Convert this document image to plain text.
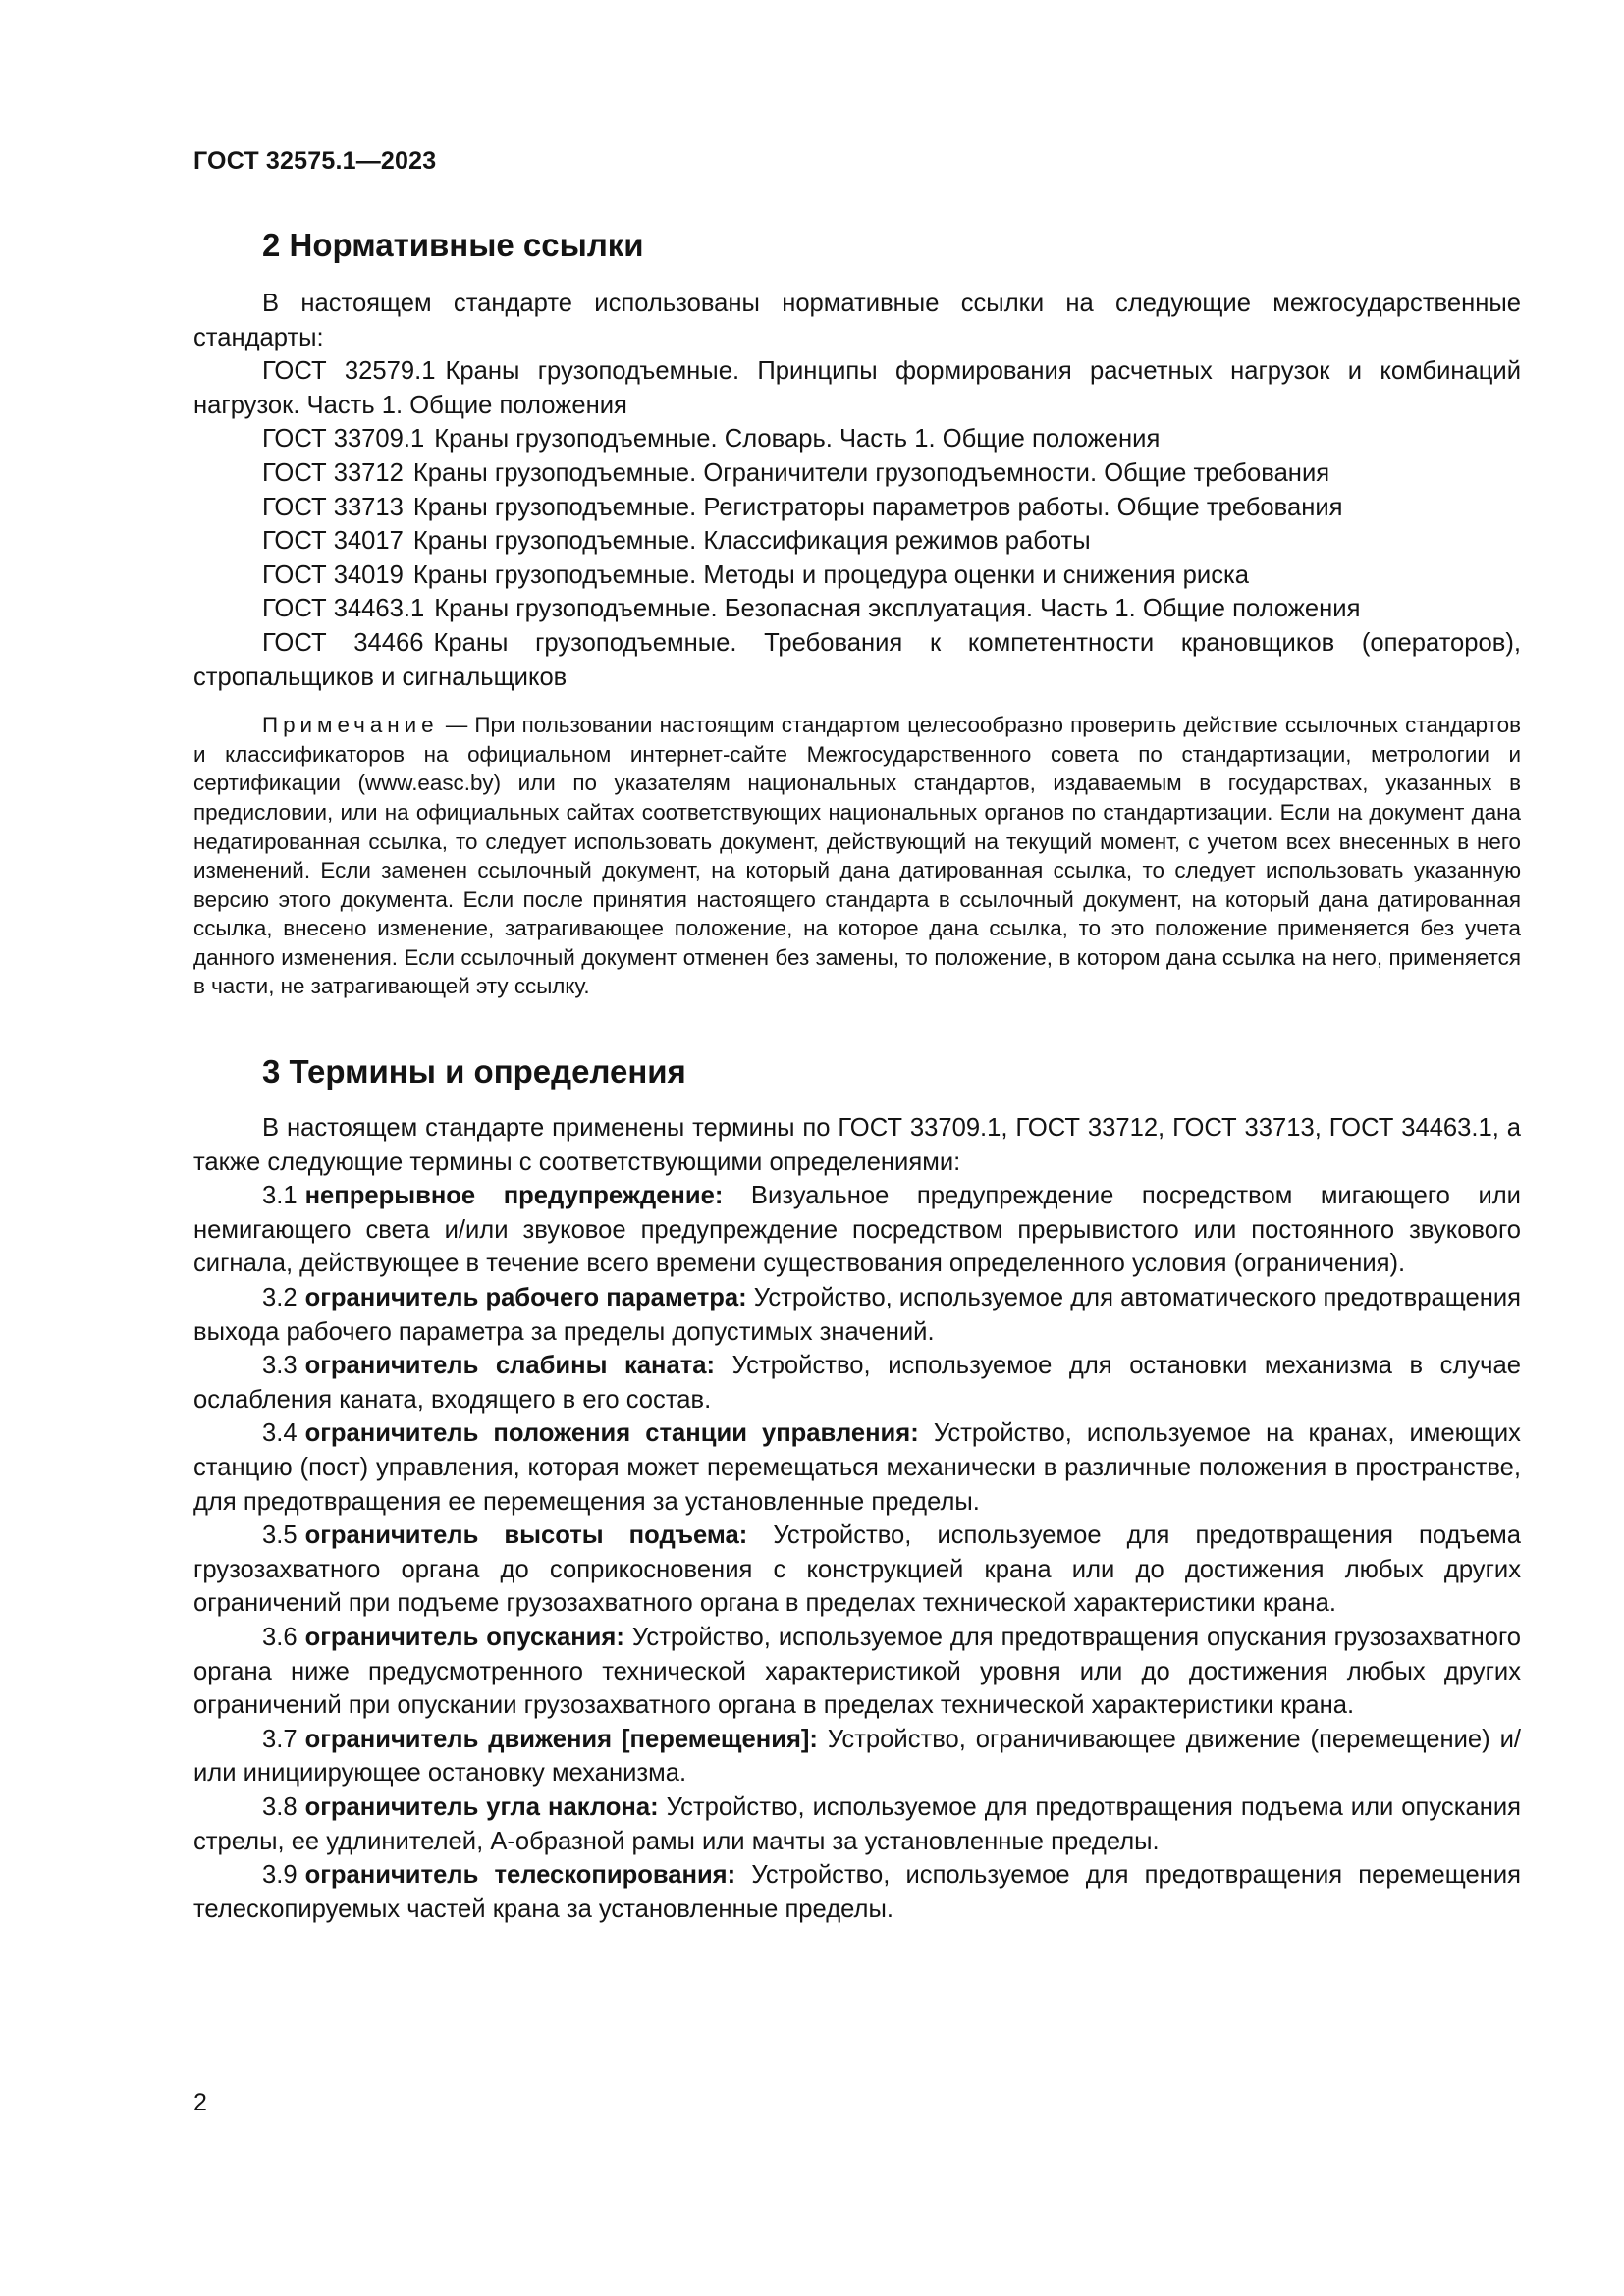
ГОСТ 32575.1—2023
2 Нормативные ссылки

В настоящем стандарте использованы нормативные ссылки на следующие межгосударственные стандарты:

ГОСТ 32579.1 Краны грузоподъемные. Принципы формирования расчетных нагрузок и комбинаций нагрузок. Часть 1. Общие положения

ГОСТ 33709.1 Краны грузоподъемные. Словарь. Часть 1. Общие положения

ГОСТ 33712 Краны грузоподъемные. Ограничители грузоподъемности. Общие требования

ГОСТ 33713 Краны грузоподъемные. Регистраторы параметров работы. Общие требования

ГОСТ 34017 Краны грузоподъемные. Классификация режимов работы

ГОСТ 34019 Краны грузоподъемные. Методы и процедура оценки и снижения риска

ГОСТ 34463.1 Краны грузоподъемные. Безопасная эксплуатация. Часть 1. Общие положения

ГОСТ 34466 Краны грузоподъемные. Требования к компетентности крановщиков (операторов), стропальщиков и сигнальщиков

Примечание — При пользовании настоящим стандартом целесообразно проверить действие ссылочных стандартов и классификаторов на официальном интернет-сайте Межгосударственного совета по стандартизации, метрологии и сертификации (www.easc.by) или по указателям национальных стандартов, издаваемым в государствах, указанных в предисловии, или на официальных сайтах соответствующих национальных органов по стандартизации. Если на документ дана недатированная ссылка, то следует использовать документ, действующий на текущий момент, с учетом всех внесенных в него изменений. Если заменен ссылочный документ, на который дана датированная ссылка, то следует использовать указанную версию этого документа. Если после принятия настоящего стандарта в ссылочный документ, на который дана датированная ссылка, внесено изменение, затрагивающее положение, на которое дана ссылка, то это положение применяется без учета данного изменения. Если ссылочный документ отменен без замены, то положение, в котором дана ссылка на него, применяется в части, не затрагивающей эту ссылку.
3 Термины и определения

В настоящем стандарте применены термины по ГОСТ 33709.1, ГОСТ 33712, ГОСТ 33713, ГОСТ 34463.1, а также следующие термины с соответствующими определениями:

3.1 непрерывное предупреждение: Визуальное предупреждение посредством мигающего или немигающего света и/или звуковое предупреждение посредством прерывистого или постоянного звукового сигнала, действующее в течение всего времени существования определенного условия (ограничения).

3.2 ограничитель рабочего параметра: Устройство, используемое для автоматического предотвращения выхода рабочего параметра за пределы допустимых значений.

3.3 ограничитель слабины каната: Устройство, используемое для остановки механизма в случае ослабления каната, входящего в его состав.

3.4 ограничитель положения станции управления: Устройство, используемое на кранах, имеющих станцию (пост) управления, которая может перемещаться механически в различные положения в пространстве, для предотвращения ее перемещения за установленные пределы.

3.5 ограничитель высоты подъема: Устройство, используемое для предотвращения подъема грузозахватного органа до соприкосновения с конструкцией крана или до достижения любых других ограничений при подъеме грузозахватного органа в пределах технической характеристики крана.

3.6 ограничитель опускания: Устройство, используемое для предотвращения опускания грузозахватного органа ниже предусмотренного технической характеристикой уровня или до достижения любых других ограничений при опускании грузозахватного органа в пределах технической характеристики крана.

3.7 ограничитель движения [перемещения]: Устройство, ограничивающее движение (перемещение) и/или инициирующее остановку механизма.

3.8 ограничитель угла наклона: Устройство, используемое для предотвращения подъема или опускания стрелы, ее удлинителей, А-образной рамы или мачты за установленные пределы.

3.9 ограничитель телескопирования: Устройство, используемое для предотвращения перемещения телескопируемых частей крана за установленные пределы.

2
